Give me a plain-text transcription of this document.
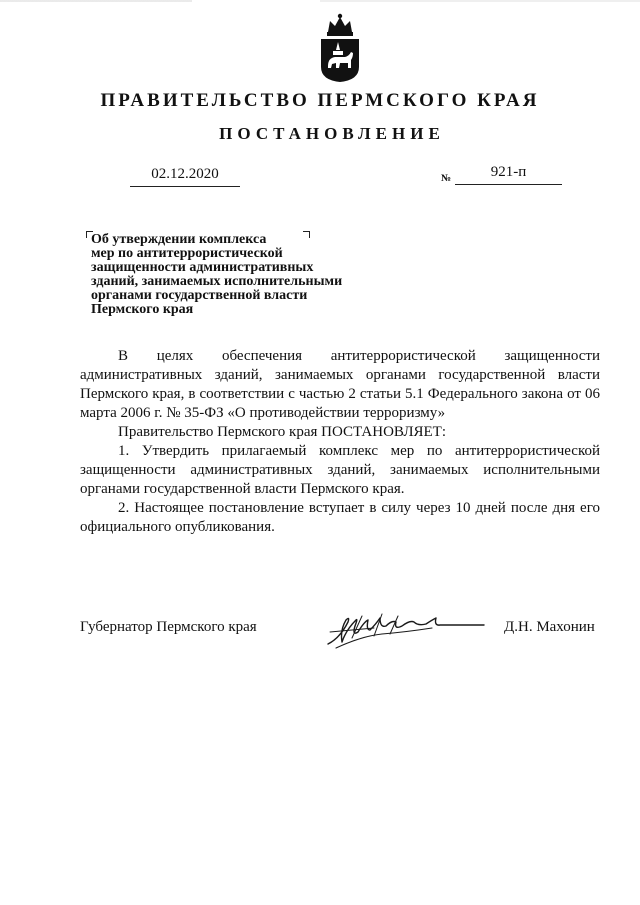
ПРАВИТЕЛЬСТВО ПЕРМСКОГО КРАЯ
ПОСТАНОВЛЕНИЕ
02.12.2020	№	921-п
Об утверждении комплекса
мер по антитеррористической
защищенности административных
зданий, занимаемых исполнительными
органами государственной власти
Пермского края

В целях обеспечения антитеррористической защищенности административных зданий, занимаемых органами государственной власти Пермского края, в соответствии с частью 2 статьи 5.1 Федерального закона от 06 марта 2006 г. № 35-ФЗ «О противодействии терроризму»

Правительство Пермского края ПОСТАНОВЛЯЕТ:

1. Утвердить прилагаемый комплекс мер по антитеррористической защищенности административных зданий, занимаемых исполнительными органами государственной власти Пермского края.

2. Настоящее постановление вступает в силу через 10 дней после дня его официального опубликования.

Губернатор Пермского края	Д.Н. Махонин
